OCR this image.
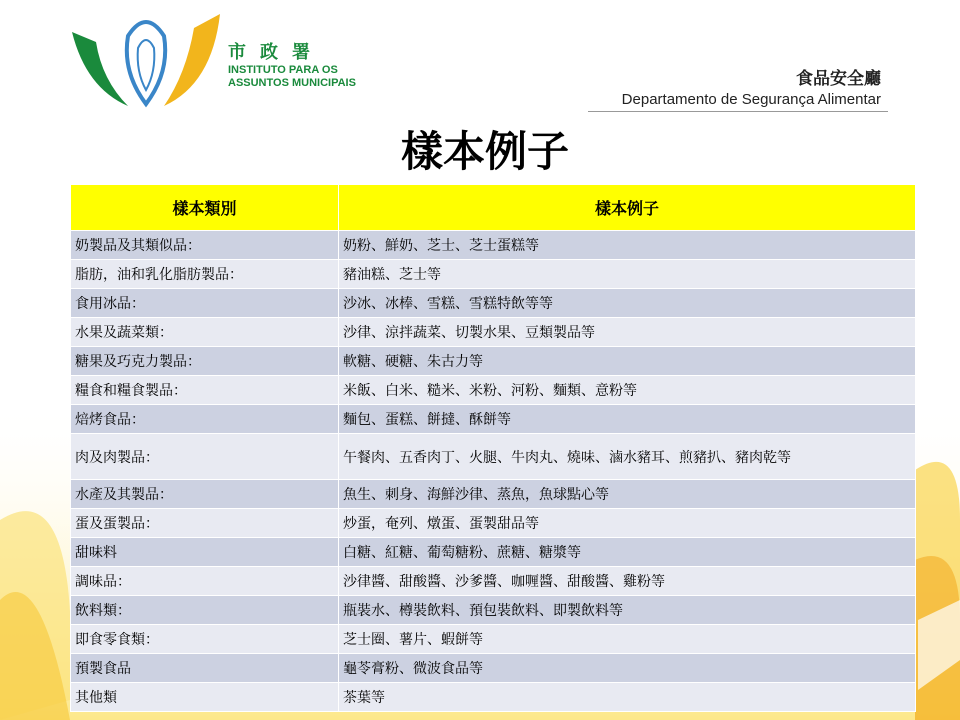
市政署
INSTITUTO PARA OS
ASSUNTOS MUNICIPAIS	食品安全廳
Departamento de Segurança Alimentar
樣本例子
樣本類別	樣本例子
奶製品及其類似品：	奶粉、鮮奶、芝士、芝士蛋糕等
脂肪，油和乳化脂肪製品：	豬油糕、芝士等
食用冰品：	沙冰、冰棒、雪糕、雪糕特飲等等
水果及蔬菜類：	沙律、涼拌蔬菜、切製水果、豆類製品等
糖果及巧克力製品：	軟糖、硬糖、朱古力等
糧食和糧食製品：	米飯、白米、糙米、米粉、河粉、麵類、意粉等
焙烤食品：	麵包、蛋糕、餅撻、酥餅等
肉及肉製品：	午餐肉、五香肉丁、火腿、牛肉丸、燒味、滷水豬耳、煎豬扒、豬肉乾等
水產及其製品：	魚生、刺身、海鮮沙律、蒸魚，魚球點心等
蛋及蛋製品：	炒蛋，奄列、燉蛋、蛋製甜品等
甜味料	白糖、紅糖、葡萄糖粉、蔗糖、糖漿等
調味品：	沙律醬、甜酸醬、沙爹醬、咖喱醬、甜酸醬、雞粉等
飲料類：	瓶裝水、樽裝飲料、預包裝飲料、即製飲料等
即食零食類：	芝士圈、薯片、蝦餅等
預製食品	龜苓膏粉、微波食品等
其他類	茶葉等
